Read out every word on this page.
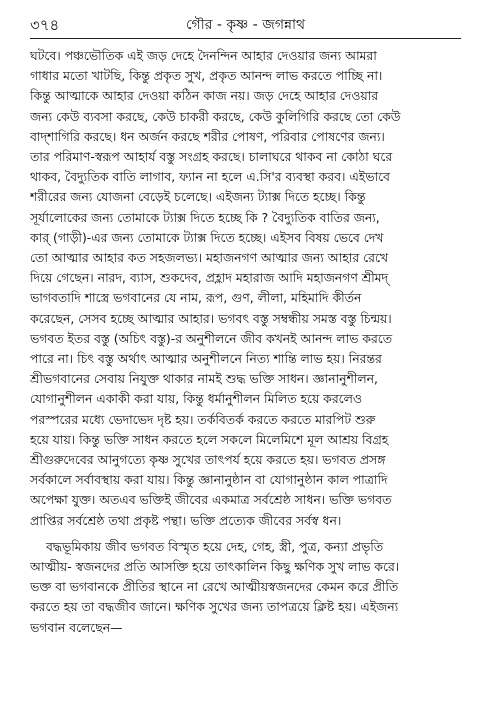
৩৭৪	গৌর - কৃষ্ণ - জগন্নাথ

ঘটবে। পঞ্চভৌতিক এই জড় দেহে দৈনন্দিন আহার দেওয়ার জন্য আমরা
গাধার মতো খাটছি, কিন্তু প্রকৃত সুখ, প্রকৃত আনন্দ লাভ করতে পাচ্ছি না।
কিন্তু আত্মাকে আহার দেওয়া কঠিন কাজ নয়। জড় দেহে আহার দেওয়ার
জন্য কেউ ব্যবসা করছে, কেউ চাকরী করছে, কেউ কুলিগিরি করছে তো কেউ
বাদ্শাগিরি করছে। ধন অর্জন করছে শরীর পোষণ, পরিবার পোষণের জন্য।
তার পরিমাণ-স্বরূপ আহার্য বস্তু সংগ্রহ করছে। চালাঘরে থাকব না কোঠা ঘরে
থাকব, বৈদ্যুতিক বাতি লাগাব, ফ্যান না হলে এ.সি'র ব্যবস্থা করব। এইভাবে
শরীরের জন্য যোজনা বেড়েই চলেছে। এইজন্য ট্যাক্স দিতে হচ্ছে। কিন্তু
সূর্যালোকের জন্য তোমাকে ট্যাক্স দিতে হচ্ছে কি ? বৈদ্যুতিক বাতির জন্য,
কার্ (গাড়ী)-এর জন্য তোমাকে ট্যাক্স দিতে হচ্ছে। এইসব বিষয় ভেবে দেখ
তো আত্মার আহার কত সহজলভ্য। মহাজনগণ আত্মার জন্য আহার রেখে
দিয়ে গেছেন। নারদ, ব্যাস, শুকদেব, প্রহ্লাদ মহারাজ আদি মহাজনগণ শ্রীমদ্
ভাগবতাদি শাস্ত্রে ভগবানের যে নাম, রূপ, গুণ, লীলা, মহিমাদি কীর্তন
করেছেন, সেসব হচ্ছে আত্মার আহার। ভগবৎ বস্তু সম্বন্ধীয় সমস্ত বস্তু চিন্ময়।
ভগবত ইতর বস্তু (অচিৎ বস্তু)-র অনুশীলনে জীব কখনই আনন্দ লাভ করতে
পারে না। চিৎ বস্তু অর্থাৎ আত্মার অনুশীলনে নিত্য শান্তি লাভ হয়। নিরন্তর
শ্রীভগবানের সেবায় নিযুক্ত থাকার নামই শুদ্ধ ভক্তি সাধন। জ্ঞানানুশীলন,
যোগানুশীলন একাকী করা যায়, কিন্তু ধর্মানুশীলন মিলিত হয়ে করলেও
পরস্পরের মধ্যে ভেদাভেদ দৃষ্ট হয়। তর্কবিতর্ক করতে করতে মারপিট শুরু
হয়ে যায়। কিন্তু ভক্তি সাধন করতে হলে সকলে মিলেমিশে মূল আশ্রয় বিগ্রহ
শ্রীগুরুদেবের আনুগত্যে কৃষ্ণ সুখের তাৎপর্য হয়ে করতে হয়। ভগবত প্রসঙ্গ
সর্বকালে সর্বাবস্থায় করা যায়। কিন্তু জ্ঞানানুষ্ঠান বা যোগানুষ্ঠান কাল পাত্রাদি
অপেক্ষা যুক্ত। অতএব ভক্তিই জীবের একমাত্র সর্বশ্রেষ্ঠ সাধন। ভক্তি ভগবত
প্রাপ্তির সর্বশ্রেষ্ঠ তথা প্রকৃষ্ট পন্থা। ভক্তি প্রত্যেক জীবের সর্বস্ব ধন।

বদ্ধভূমিকায় জীব ভগবত বিস্মৃত হয়ে দেহ, গেহ, স্ত্রী, পুত্র, কন্যা প্রভৃতি
আত্মীয়- স্বজনদের প্রতি আসক্তি হয়ে তাৎকালিন কিছু ক্ষণিক সুখ লাভ করে।
ভক্ত বা ভগবানকে প্রীতির স্থানে না রেখে আত্মীয়স্বজনদের কেমন করে প্রীতি
করতে হয় তা বদ্ধজীব জানে। ক্ষণিক সুখের জন্য তাপত্রয়ে ক্লিষ্ট হয়। এইজন্য
ভগবান বলেছেন—
